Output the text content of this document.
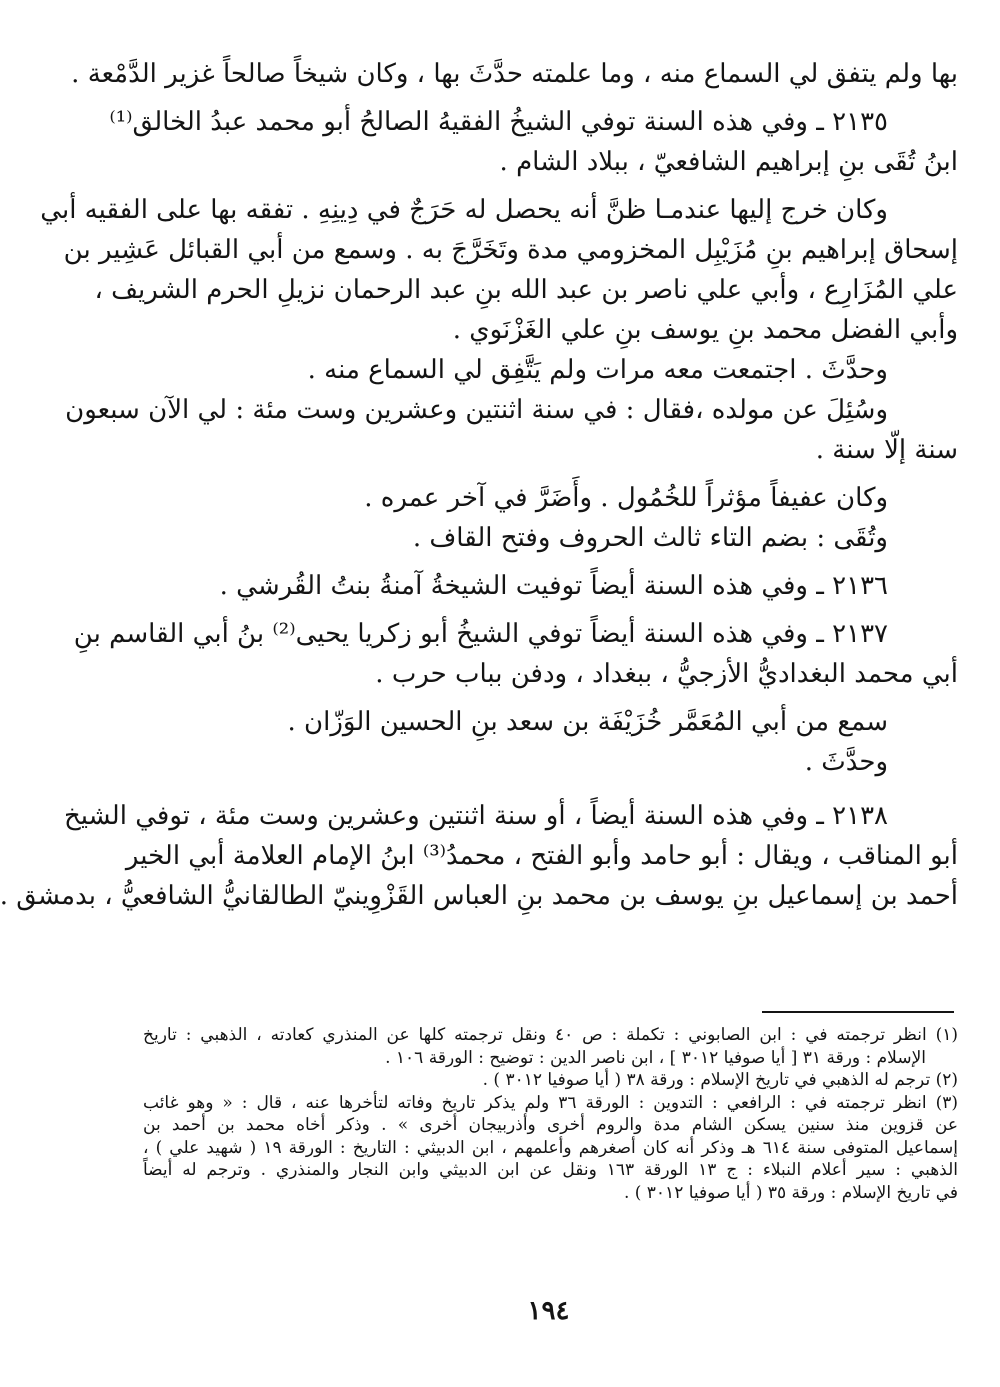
بها ولم يتفق لي السماع منه ، وما علمته حدَّثَ بها ، وكان شيخاً صالحاً غزير الدَّمْعة .
٢١٣٥ ـ وفي هذه السنة توفي الشيخُ الفقيهُ الصالحُ أبو محمد عبدُ الخالق⁽¹⁾
ابنُ تُقَى بنِ إبراهيم الشافعيّ ، ببلاد الشام .
وكان خرج إليها عندمـا ظنَّ أنه يحصل له حَرَجٌ في دِينِهِ . تفقه بها على الفقيه أبي
إسحاق إبراهيم بنِ مُزَيْبِل المخزومي مدة وتَخَرَّجَ به . وسمع من أبي القبائل عَشِير بن
علي المُزَارِع ، وأبي علي ناصر بن عبد الله بنِ عبد الرحمان نزيلِ الحرم الشريف ،
وأبي الفضل محمد بنِ يوسف بنِ علي الغَزْنَوي .
وحدَّثَ . اجتمعت معه مرات ولم يَتَّفِق لي السماع منه .
وسُئِلَ عن مولده ،فقال : في سنة اثنتين وعشرين وست مئة : لي الآن سبعون
سنة إلّا سنة .
وكان عفيفاً مؤثراً للخُمُول . وأَضَرَّ في آخر عمره .
وتُقَى : بضم التاء ثالث الحروف وفتح القاف .
٢١٣٦ ـ وفي هذه السنة أيضاً توفيت الشيخةُ آمنةُ بنتُ القُرشي .
٢١٣٧ ـ وفي هذه السنة أيضاً توفي الشيخُ أبو زكريا يحيى⁽²⁾ بنُ أبي القاسم بنِ
أبي محمد البغداديُّ الأزجيُّ ، ببغداد ، ودفن بباب حرب .
سمع من أبي المُعَمَّر خُزَيْفَة بن سعد بنِ الحسين الوَزّان .
وحدَّثَ .
٢١٣٨ ـ وفي هذه السنة أيضاً ، أو سنة اثنتين وعشرين وست مئة ، توفي الشيخ
أبو المناقب ، ويقال : أبو حامد وأبو الفتح ، محمدُ⁽³⁾ ابنُ الإمام العلامة أبي الخير
أحمد بن إسماعيل بنِ يوسف بن محمد بنِ العباس القَزْوِينيّ الطالقانيُّ الشافعيُّ ، بدمشق .
(١) انظر ترجمته في : ابن الصابوني : تكملة : ص ٤٠ ونقل ترجمته كلها عن المنذري كعادته ، الذهبي : تاريخ
الإسلام : ورقة ٣١ [ أيا صوفيا ٣٠١٢ ] ، ابن ناصر الدين : توضيح : الورقة ١٠٦ .
(٢) ترجم له الذهبي في تاريخ الإسلام : ورقة ٣٨ ( أيا صوفيا ٣٠١٢ ) .
(٣) انظر ترجمته في : الرافعي : التدوين : الورقة ٣٦ ولم يذكر تاريخ وفاته لتأخرها عنه ، قال : « وهو غائب
عن قزوين منذ سنين يسكن الشام مدة والروم أخرى وأذربيجان أخرى » . وذكر أخاه محمد بن أحمد بن
إسماعيل المتوفى سنة ٦١٤ هـ وذكر أنه كان أصغرهم وأعلمهم ، ابن الدبيثي : التاريخ : الورقة ١٩ ( شهيد علي ) ،
الذهبي : سير أعلام النبلاء : ج ١٣ الورقة ١٦٣ ونقل عن ابن الدبيثي وابن النجار والمنذري . وترجم له أيضاً
في تاريخ الإسلام : ورقة ٣٥ ( أيا صوفيا ٣٠١٢ ) .
١٩٤
